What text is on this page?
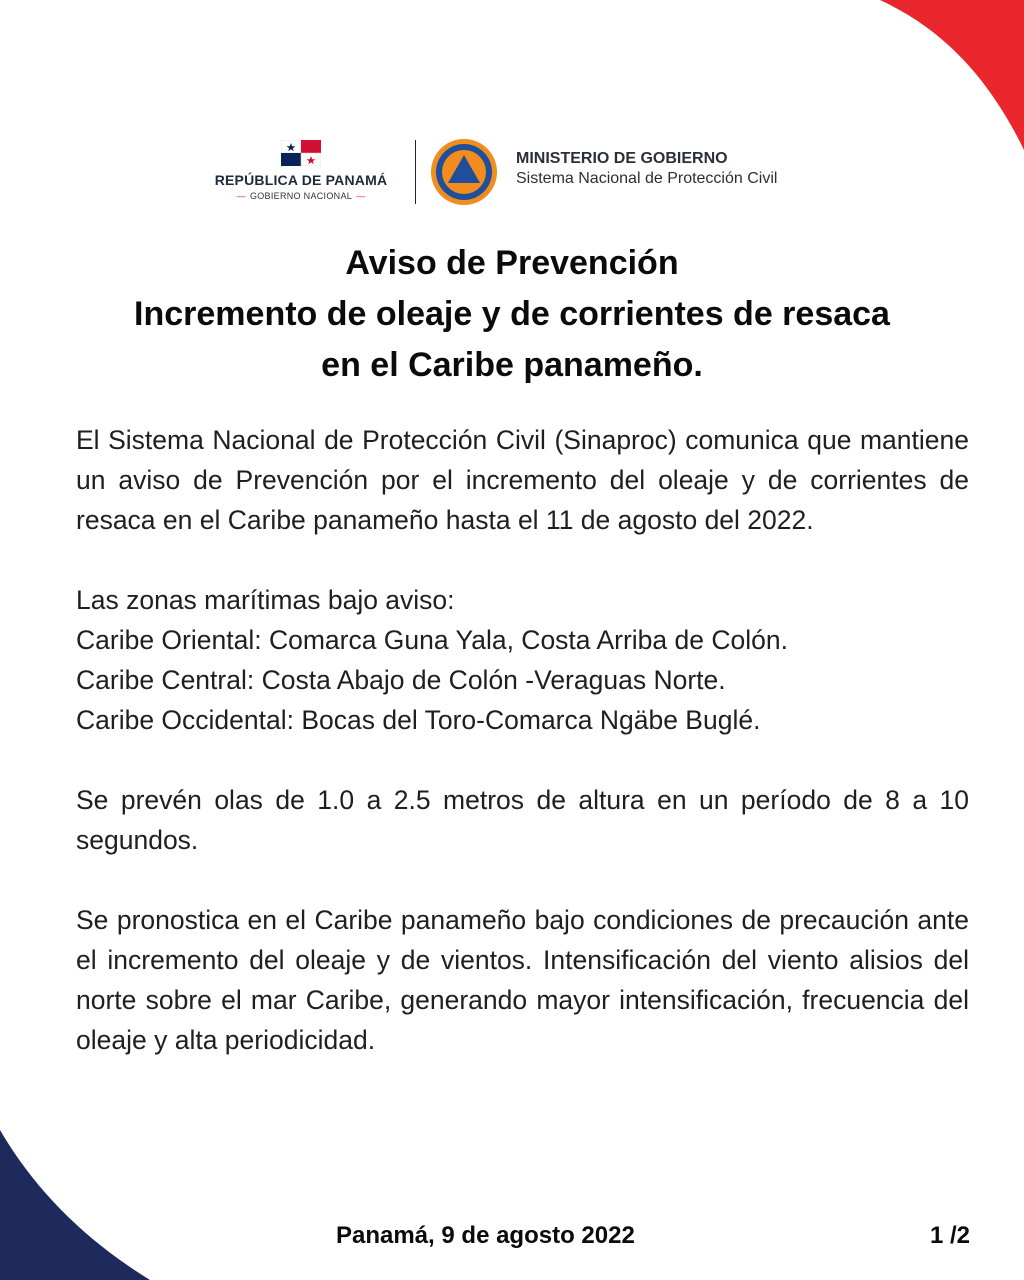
REPÚBLICA DE PANAMÁ
— GOBIERNO NACIONAL —
MINISTERIO DE GOBIERNO
Sistema Nacional de Protección Civil
Aviso de Prevención
Incremento de oleaje y de corrientes de resaca
en el Caribe panameño.

El Sistema Nacional de Protección Civil (Sinaproc) comunica que mantiene un aviso de Prevención por el incremento del oleaje y de corrientes de resaca en el Caribe panameño hasta el 11 de agosto del 2022.

Las zonas marítimas bajo aviso:

Caribe Oriental: Comarca Guna Yala, Costa Arriba de Colón.

Caribe Central: Costa Abajo de Colón -Veraguas Norte.

Caribe Occidental: Bocas del Toro-Comarca Ngäbe Buglé.

Se prevén olas de 1.0 a 2.5 metros de altura en un período de 8 a 10 segundos.

Se pronostica en el Caribe panameño bajo condiciones de precaución ante el incremento del oleaje y de vientos. Intensificación del viento alisios del norte sobre el mar Caribe, generando mayor intensificación, frecuencia del oleaje y alta periodicidad.

Panamá, 9 de agosto 2022	1 /2
